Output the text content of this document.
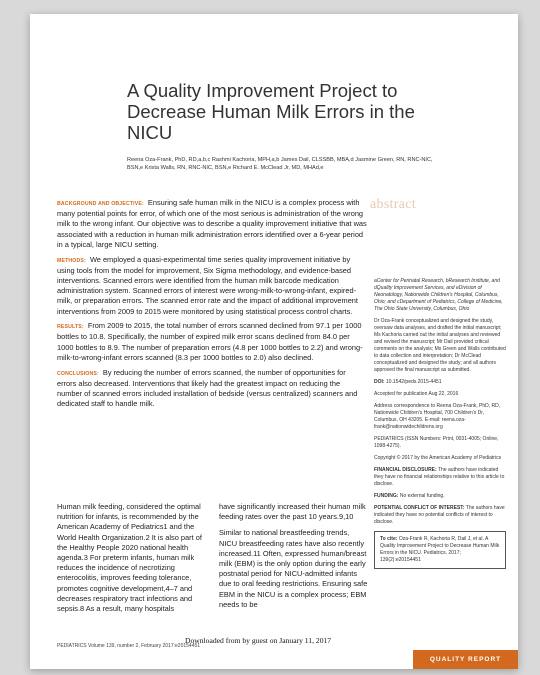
A Quality Improvement Project to Decrease Human Milk Errors in the NICU
Reena Oza-Frank, PhD, RD,a,b,c Rashmi Kachoria, MPH,a,b James Dail, CLSSBB, MBA,d Jasmine Green, RN, RNC-NIC, BSN,e Krista Walls, RN, RNC-NIC, BSN,e Richard E. McClead Jr, MD, MHAd,e
abstract

BACKGROUND AND OBJECTIVE: Ensuring safe human milk in the NICU is a complex process with many potential points for error, of which one of the most serious is administration of the wrong milk to the wrong infant. Our objective was to describe a quality improvement initiative that was associated with a reduction in human milk administration errors identified over a 6-year period in a typical, large NICU setting.

METHODS: We employed a quasi-experimental time series quality improvement initiative by using tools from the model for improvement, Six Sigma methodology, and evidence-based interventions. Scanned errors were identified from the human milk barcode medication administration system. Scanned errors of interest were wrong-milk-to-wrong-infant, expired-milk, or preparation errors. The scanned error rate and the impact of additional improvement interventions from 2009 to 2015 were monitored by using statistical process control charts.

RESULTS: From 2009 to 2015, the total number of errors scanned declined from 97.1 per 1000 bottles to 10.8. Specifically, the number of expired milk error scans declined from 84.0 per 1000 bottles to 8.9. The number of preparation errors (4.8 per 1000 bottles to 2.2) and wrong-milk-to-wrong-infant errors scanned (8.3 per 1000 bottles to 2.0) also declined.

CONCLUSIONS: By reducing the number of errors scanned, the number of opportunities for errors also decreased. Interventions that likely had the greatest impact on reducing the number of scanned errors included installation of bedside (versus centralized) scanners and dedicated staff to handle milk.

aCenter for Perinatal Research, bResearch Institute, and dQuality Improvement Services, and eDivision of Neonatology, Nationwide Children's Hospital, Columbus, Ohio; and cDepartment of Pediatrics, College of Medicine, The Ohio State University, Columbus, Ohio
Dr Oza-Frank conceptualized and designed the study, oversaw data analyses, and drafted the initial manuscript; Ms Kachoria carried out the initial analyses and reviewed and revised the manuscript; Mr Dail provided critical comments on the analysis; Ms Green and Walls contributed to data collection and interpretation; Dr McClead conceptualized and designed the study; and all authors approved the final manuscript as submitted.
DOI: 10.1542/peds.2015-4451
Accepted for publication Aug 22, 2016
Address correspondence to Reena Oza-Frank, PhD, RD, Nationwide Children's Hospital, 700 Children's Dr, Columbus, OH 43205. E-mail: reena.oza-frank@nationwidechildrens.org
PEDIATRICS (ISSN Numbers: Print, 0031-4005; Online, 1098-4275).
Copyright © 2017 by the American Academy of Pediatrics
FINANCIAL DISCLOSURE: The authors have indicated they have no financial relationships relative to this article to disclose.
FUNDING: No external funding.
POTENTIAL CONFLICT OF INTEREST: The authors have indicated they have no potential conflicts of interest to disclose.
To cite: Oza-Frank R, Kachoria R, Dail J, et al. A Quality Improvement Project to Decrease Human Milk Errors in the NICU. Pediatrics. 2017; 139(2):e20154451

Human milk feeding, considered the optimal nutrition for infants, is recommended by the American Academy of Pediatrics1 and the World Health Organization.2 It is also part of the Healthy People 2020 national health agenda.3 For preterm infants, human milk reduces the incidence of necrotizing enterocolitis, improves feeding tolerance, promotes cognitive development,4–7 and decreases respiratory tract infections and sepsis.8 As a result, many hospitals

have significantly increased their human milk feeding rates over the past 10 years.9,10

Similar to national breastfeeding trends, NICU breastfeeding rates have also recently increased.11 Often, expressed human/breast milk (EBM) is the only option during the early postnatal period for NICU-admitted infants due to oral feeding restrictions. Ensuring safe EBM in the NICU is a complex process; EBM needs to be

Downloaded from by guest on January 11, 2017
PEDIATRICS Volume 139, number 2, February 2017:e20154451
QUALITY REPORT
